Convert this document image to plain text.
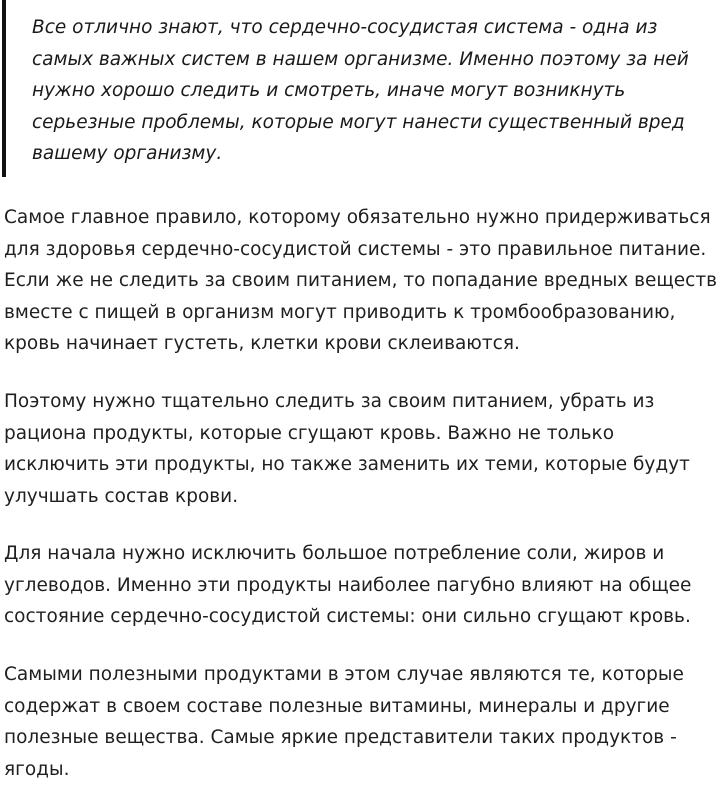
Все отлично знают, что сердечно-сосудистая система - одна из самых важных систем в нашем организме. Именно поэтому за ней нужно хорошо следить и смотреть, иначе могут возникнуть серьезные проблемы, которые могут нанести существенный вред вашему организму.

Самое главное правило, которому обязательно нужно придерживаться для здоровья сердечно-сосудистой системы - это правильное питание. Если же не следить за своим питанием, то попадание вредных веществ вместе с пищей в организм могут приводить к тромбообразованию, кровь начинает густеть, клетки крови склеиваются.

Поэтому нужно тщательно следить за своим питанием, убрать из рациона продукты, которые сгущают кровь. Важно не только исключить эти продукты, но также заменить их теми, которые будут улучшать состав крови.

Для начала нужно исключить большое потребление соли, жиров и углеводов. Именно эти продукты наиболее пагубно влияют на общее состояние сердечно-сосудистой системы: они сильно сгущают кровь.

Самыми полезными продуктами в этом случае являются те, которые содержат в своем составе полезные витамины, минералы и другие полезные вещества. Самые яркие представители таких продуктов - ягоды.
